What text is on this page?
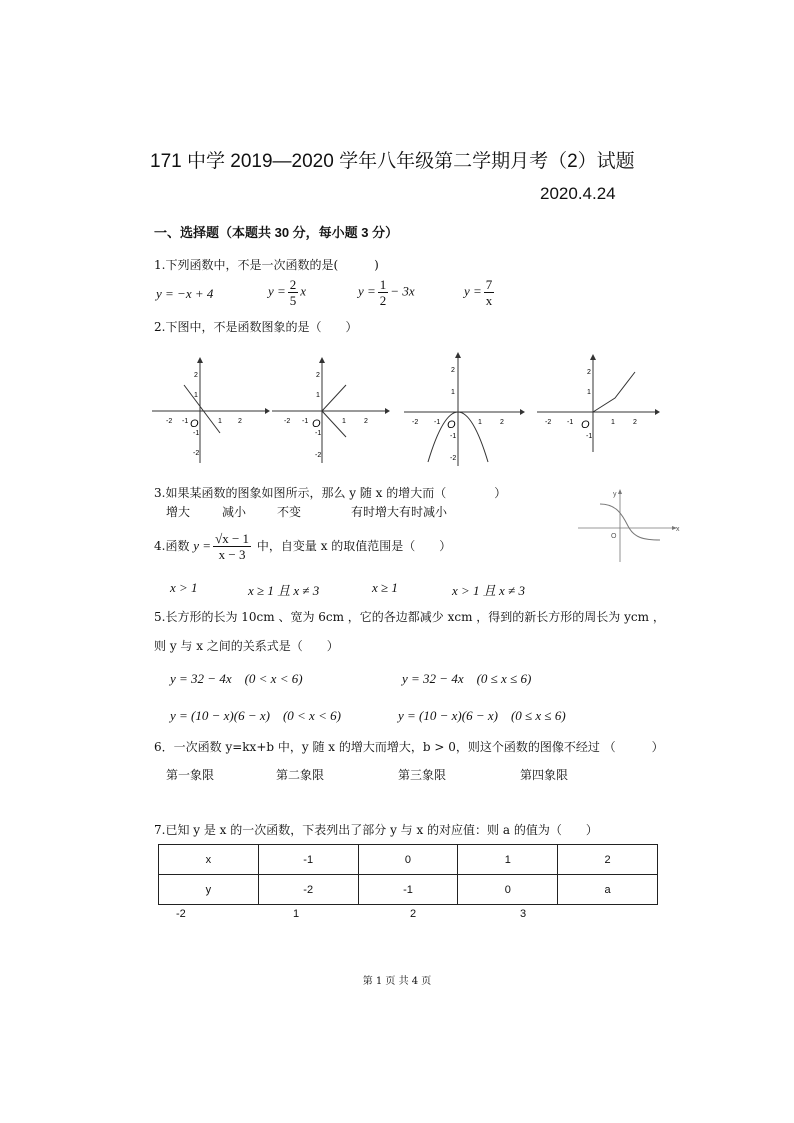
171 中学 2019—2020 学年八年级第二学期月考（2）试题
2020.4.24
一、选择题（本题共 30 分，每小题 3 分）
1.下列函数中，不是一次函数的是(　　　)
y = −x + 4	$y = \frac{2}{5}$ x	$y = \frac{1}{2} - 3x$	$y = \frac{7}{x}$
2.下图中，不是函数图象的是（　　）
-2 -1	1 2
2
1
-1
-2
O	-2 -1	1	2
2
1
-1
-2
O	-2 -1	1	2
2
1
-1
-2
O	-2 -1	1	2
2
1
-1
O
3.如果某函数的图象如图所示，那么 y 随 x 的增大而（　　　　）
增大	减小	不变	有时增大有时减小
y
x
O
4.函数 $y = \frac{√x - 1}{x - 3}$ 中，自变量 x 的取值范围是（　　）
x > 1	x ≥ 1 且 x ≠ 3	x ≥ 1	x > 1 且 x ≠ 3
5.长方形的长为 10cm 、宽为 6cm ，它的各边都减少 xcm ，得到的新长方形的周长为 ycm ，
则 y 与 x 之间的关系式是（　　）
y = 32 − 4x　(0 < x < 6)	y = 32 − 4x　(0 ≤ x ≤ 6)
y = (10 − x)(6 − x)　(0 < x < 6)	y = (10 − x)(6 − x)　(0 ≤ x ≤ 6)
6．一次函数 y=kx+b 中，y 随 x 的增大而增大，b > 0，则这个函数的图像不经过 （　　　）
第一象限	第二象限	第三象限	第四象限
7.已知 y 是 x 的一次函数，下表列出了部分 y 与 x 的对应值：则 a 的值为（　　）
x	-1	0	1	2
y	-2	-1	0	a
-2	1	2	3
第 1 页 共 4 页
